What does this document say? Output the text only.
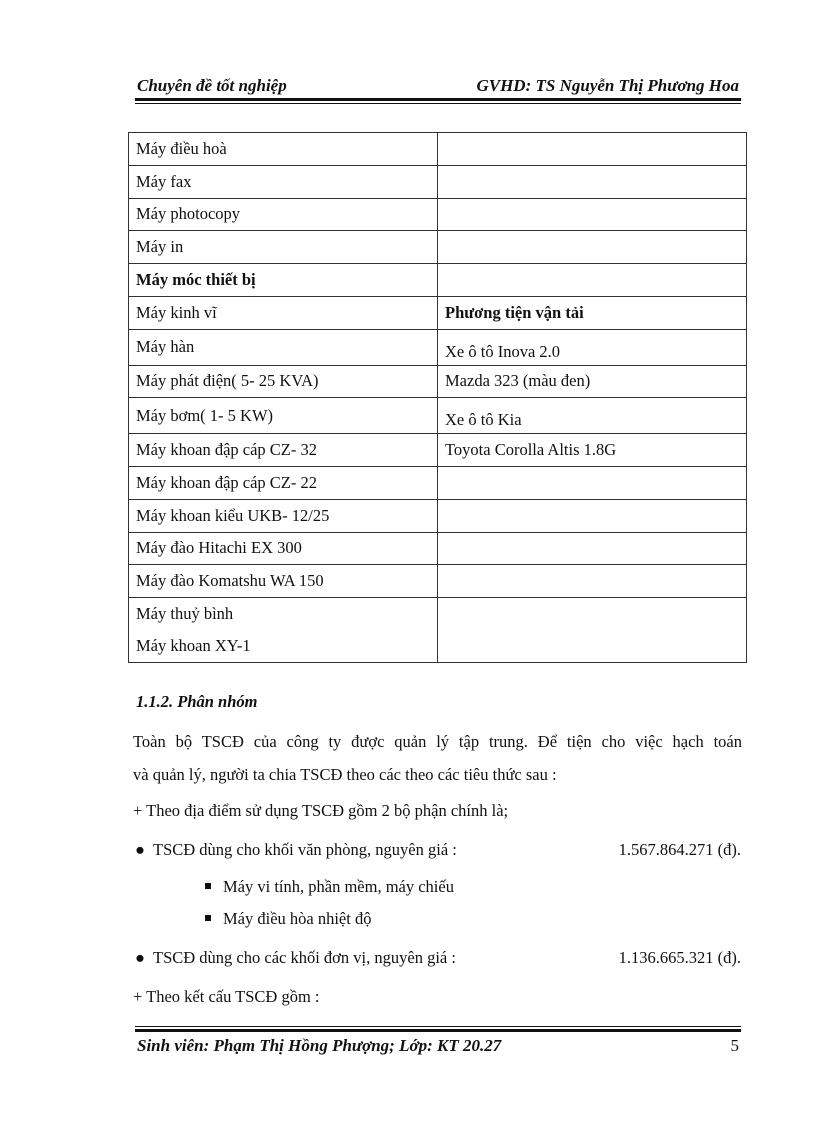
Chuyên đề tốt nghiệp	GVHD: TS Nguyễn Thị Phương Hoa
Máy điều hoà	
Máy fax	
Máy photocopy	
Máy in	
Máy móc thiết bị	
Máy kinh vĩ	Phương tiện vận tải
Máy hàn	Xe ô tô Inova 2.0
Máy phát điện( 5- 25 KVA)	Mazda 323 (màu đen)
Máy bơm( 1- 5 KW)	Xe ô tô Kia
Máy khoan đập cáp CZ- 32	Toyota Corolla Altis 1.8G
Máy khoan đập cáp CZ- 22	
Máy khoan kiểu UKB- 12/25	
Máy đào Hitachi EX 300	
Máy đào Komatshu WA 150	

Máy thuỷ bình
Máy khoan XY-1	

1.1.2. Phân nhóm
Toàn bộ TSCĐ của công ty được quản lý tập trung. Để tiện cho việc hạch toán
và quản lý, người ta chia TSCĐ theo các theo các tiêu thức sau :
+ Theo địa điểm sử dụng TSCĐ gồm 2 bộ phận chính là;
● TSCĐ dùng cho khối văn phòng, nguyên giá :	1.567.864.271 (đ).
Máy vi tính, phần mềm, máy chiếu
Máy điều hòa nhiệt độ
● TSCĐ dùng cho các khối đơn vị, nguyên giá :	1.136.665.321 (đ).
+ Theo kết cấu TSCĐ gồm :
Sinh viên: Phạm Thị Hồng Phượng; Lớp: KT 20.27	5
